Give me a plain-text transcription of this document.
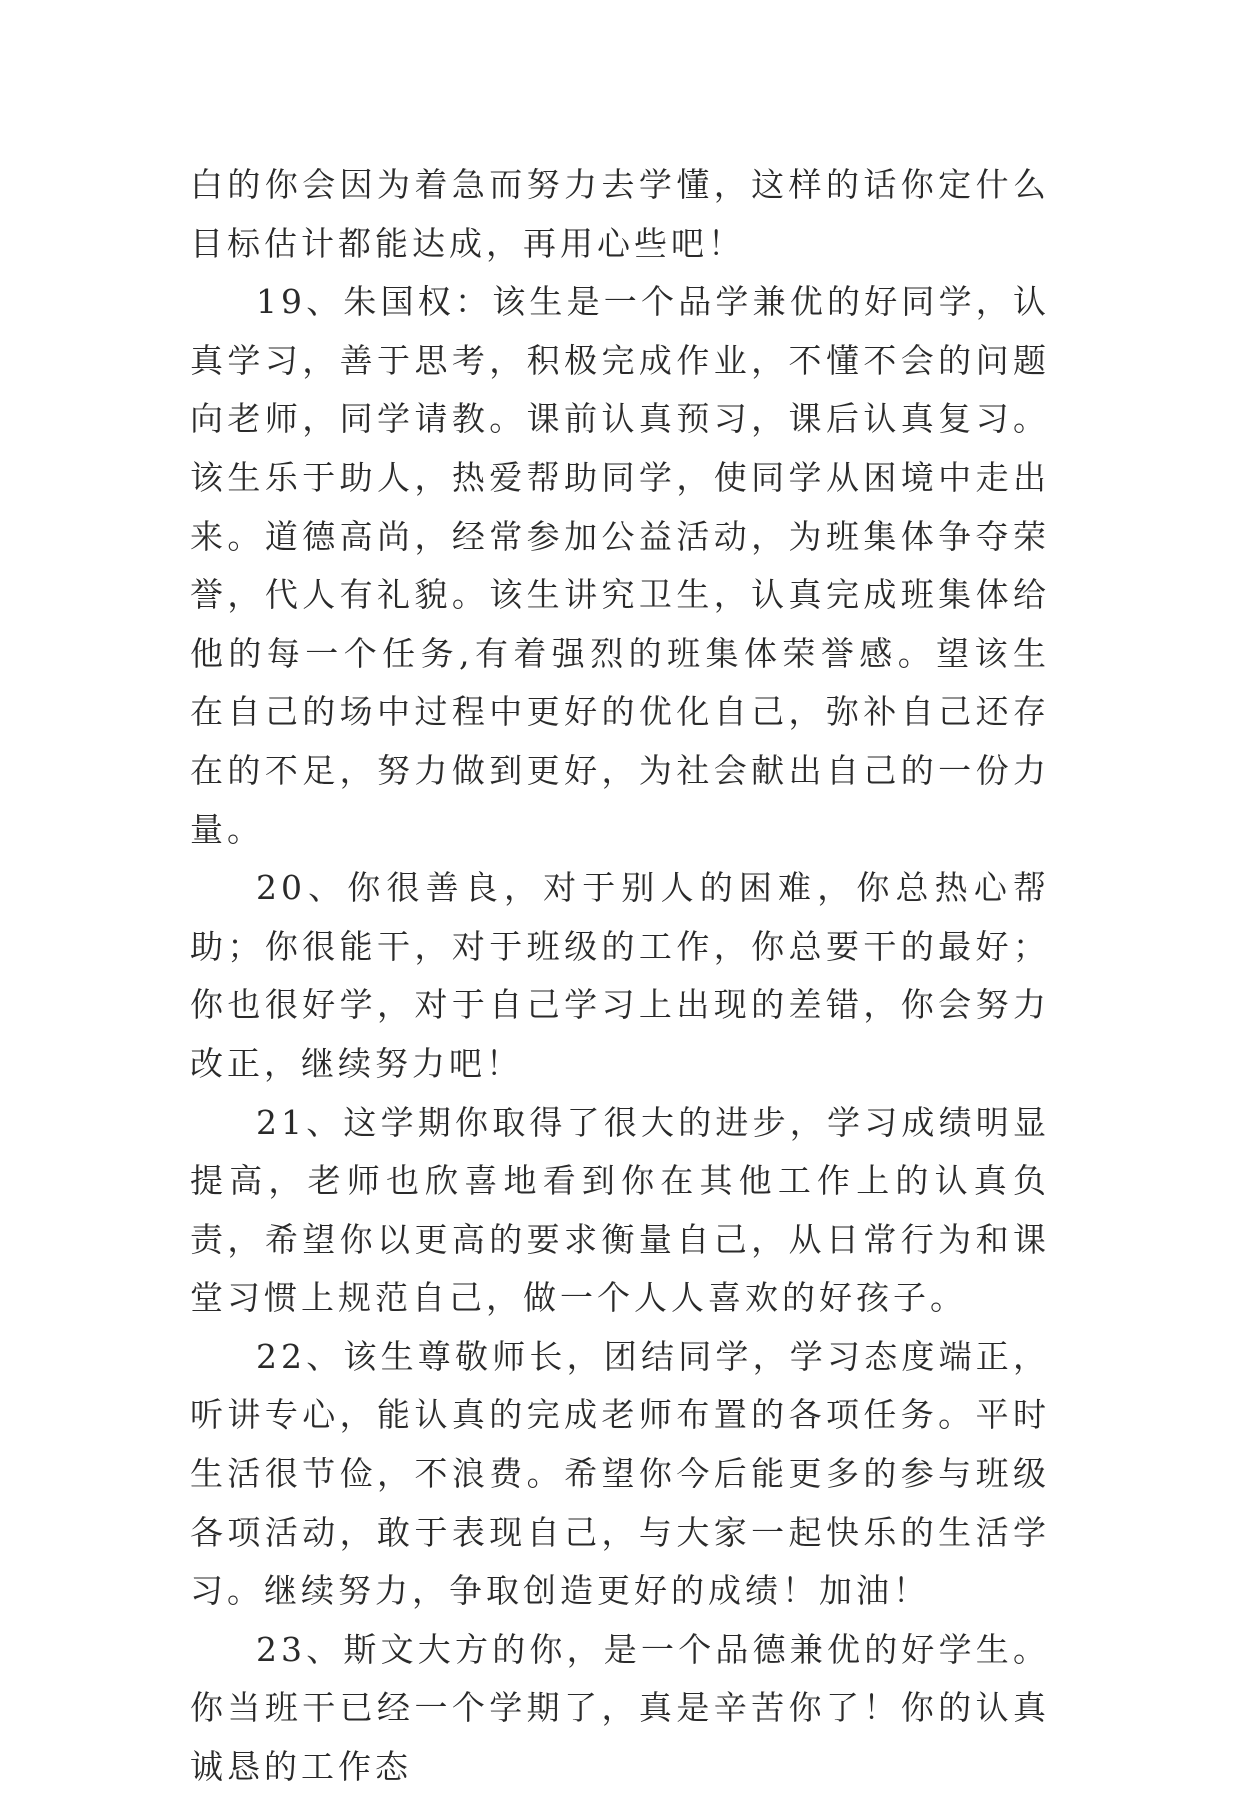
白的你会因为着急而努力去学懂，这样的话你定什么目标估计都能达成，再用心些吧！

19、朱国权：该生是一个品学兼优的好同学，认真学习，善于思考，积极完成作业，不懂不会的问题向老师，同学请教。课前认真预习，课后认真复习。该生乐于助人，热爱帮助同学，使同学从困境中走出来。道德高尚，经常参加公益活动，为班集体争夺荣誉，代人有礼貌。该生讲究卫生，认真完成班集体给他的每一个任务,有着强烈的班集体荣誉感。望该生在自己的场中过程中更好的优化自己，弥补自己还存在的不足，努力做到更好，为社会献出自己的一份力量。

20、你很善良，对于别人的困难，你总热心帮助；你很能干，对于班级的工作，你总要干的最好；你也很好学，对于自己学习上出现的差错，你会努力改正，继续努力吧！

21、这学期你取得了很大的进步，学习成绩明显提高，老师也欣喜地看到你在其他工作上的认真负责，希望你以更高的要求衡量自己，从日常行为和课堂习惯上规范自己，做一个人人喜欢的好孩子。

22、该生尊敬师长，团结同学，学习态度端正，听讲专心，能认真的完成老师布置的各项任务。平时生活很节俭，不浪费。希望你今后能更多的参与班级各项活动，敢于表现自己，与大家一起快乐的生活学习。继续努力，争取创造更好的成绩！加油！

23、斯文大方的你，是一个品德兼优的好学生。你当班干已经一个学期了，真是辛苦你了！你的认真诚恳的工作态
